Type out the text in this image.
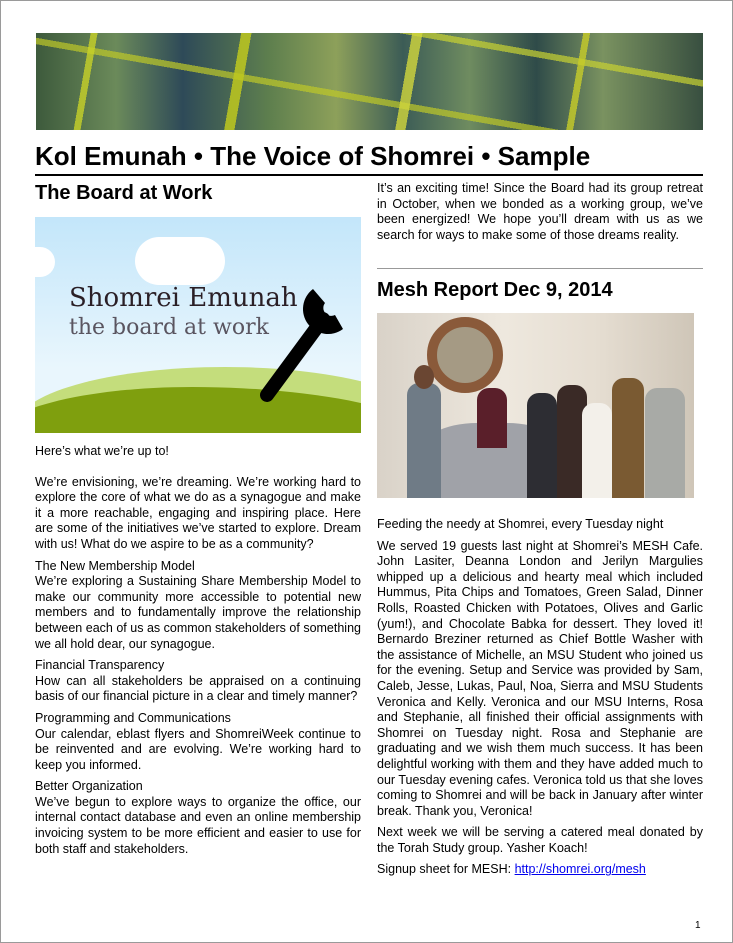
Kol Emunah • The Voice of Shomrei • Sample
The Board at Work
Shomrei Emunah
the board at work

Here’s what we’re up to!

We’re envisioning, we’re dreaming. We’re working hard to explore the core of what we do as a synagogue and make it a more reachable, engaging and inspiring place. Here are some of the initiatives we’ve started to explore. Dream with us! What do we aspire to be as a community?

The New Membership Model
We’re exploring a Sustaining Share Membership Model to make our community more accessible to potential new members and to fundamentally improve the relationship between each of us as common stakeholders of something we all hold dear, our synagogue.

Financial Transparency
How can all stakeholders be appraised on a continuing basis of our financial picture in a clear and timely manner?

Programming and Communications
Our calendar, eblast flyers and ShomreiWeek continue to be reinvented and are evolving. We’re working hard to keep you informed.

Better Organization
We’ve begun to explore ways to organize the office, our internal contact database and even an online membership invoicing system to be more efficient and easier to use for both staff and stakeholders.

It’s an exciting time! Since the Board had its group retreat in October, when we bonded as a working group, we’ve been energized! We hope you’ll dream with us as we search for ways to make some of those dreams reality.

Mesh Report Dec 9, 2014

Feeding the needy at Shomrei, every Tuesday night

We served 19 guests last night at Shomrei’s MESH Cafe. John Lasiter, Deanna London and Jerilyn Margulies whipped up a delicious and hearty meal which included Hummus, Pita Chips and Tomatoes, Green Salad, Dinner Rolls, Roasted Chicken with Potatoes, Olives and Garlic (yum!), and Chocolate Babka for dessert. They loved it! Bernardo Breziner returned as Chief Bottle Washer with the assistance of Michelle, an MSU Student who joined us for the evening. Setup and Service was provided by Sam, Caleb, Jesse, Lukas, Paul, Noa, Sierra and MSU Students Veronica and Kelly. Veronica and our MSU Interns, Rosa and Stephanie, all finished their official assignments with Shomrei on Tuesday night. Rosa and Stephanie are graduating and we wish them much success. It has been delightful working with them and they have added much to our Tuesday evening cafes. Veronica told us that she loves coming to Shomrei and will be back in January after winter break. Thank you, Veronica!

Next week we will be serving a catered meal donated by the Torah Study group. Yasher Koach!

Signup sheet for MESH: http://shomrei.org/mesh

1
